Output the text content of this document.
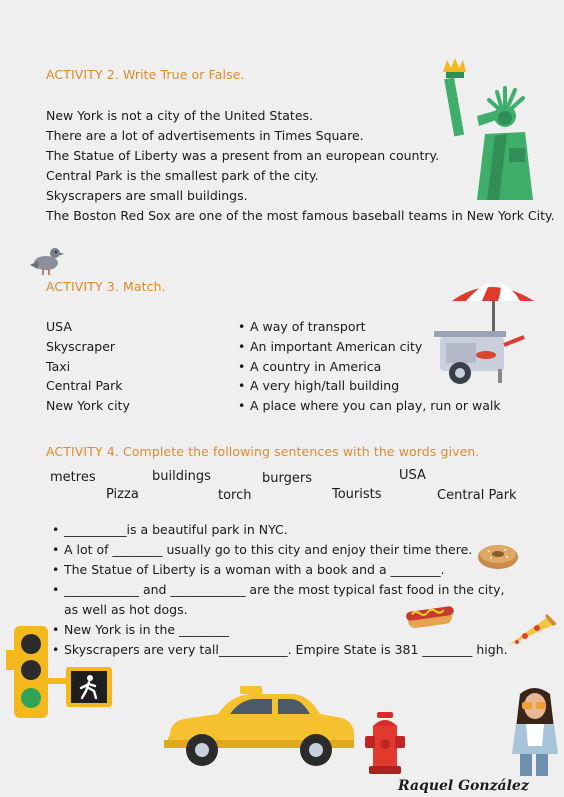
ACTIVITY 2. Write True or False.
New York is not a city of the United States.
There are a lot of advertisements in Times Square.
The Statue of Liberty was a present from an european country.
Central Park is the smallest park of the city.
Skyscrapers are small buildings.
The Boston Red Sox are one of the most famous baseball teams in New York City.
ACTIVITY 3. Match.
USA
Skyscraper
Taxi
Central Park
New York city
• A way of transport
• An important American city
• A country in America
• A very high/tall building
• A place where you can play, run or walk
ACTIVITY 4. Complete the following sentences with the words given.
metres	buildings	burgers	USA
Pizza	torch	Tourists	Central Park
• __________is a beautiful park in NYC.
• A lot of ________ usually go to this city and enjoy their time there.
• The Statue of Liberty is a woman with a book and a ________.
• ____________ and ____________ are the most typical fast food in the city,
as well as hot dogs.
• New York is in the ________
• Skyscrapers are very tall___________. Empire State is 381 ________ high.
Raquel González
